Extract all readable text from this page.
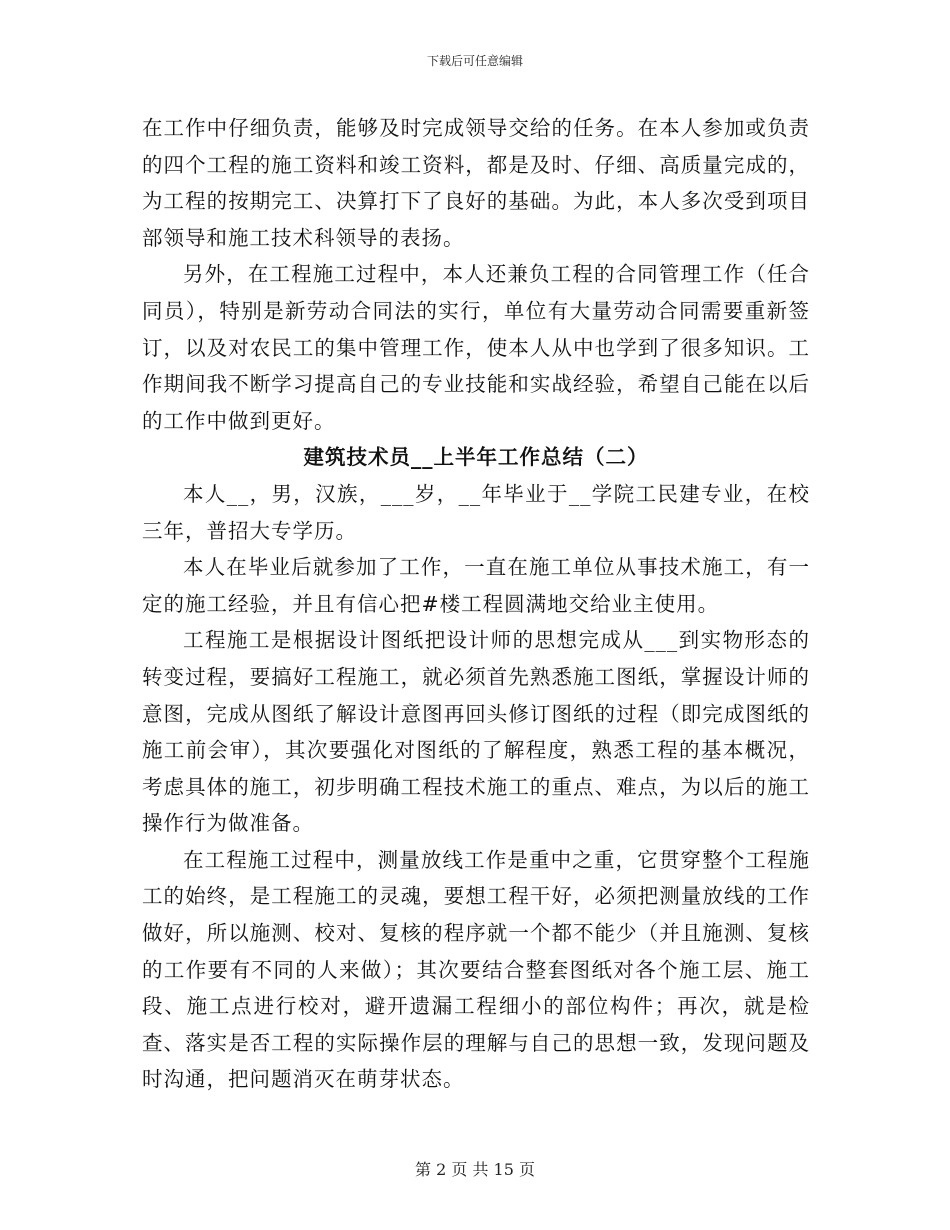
下载后可任意编辑

在工作中仔细负责，能够及时完成领导交给的任务。在本人参加或负责的四个工程的施工资料和竣工资料，都是及时、仔细、高质量完成的，为工程的按期完工、决算打下了良好的基础。为此，本人多次受到项目部领导和施工技术科领导的表扬。

另外，在工程施工过程中，本人还兼负工程的合同管理工作（任合同员），特别是新劳动合同法的实行，单位有大量劳动合同需要重新签订，以及对农民工的集中管理工作，使本人从中也学到了很多知识。工作期间我不断学习提高自己的专业技能和实战经验，希望自己能在以后的工作中做到更好。

建筑技术员__上半年工作总结（二）

本人__，男，汉族，___岁，__年毕业于__学院工民建专业，在校三年，普招大专学历。

本人在毕业后就参加了工作，一直在施工单位从事技术施工，有一定的施工经验，并且有信心把#楼工程圆满地交给业主使用。

工程施工是根据设计图纸把设计师的思想完成从___到实物形态的转变过程，要搞好工程施工，就必须首先熟悉施工图纸，掌握设计师的意图，完成从图纸了解设计意图再回头修订图纸的过程（即完成图纸的施工前会审），其次要强化对图纸的了解程度，熟悉工程的基本概况，考虑具体的施工，初步明确工程技术施工的重点、难点，为以后的施工操作行为做准备。

在工程施工过程中，测量放线工作是重中之重，它贯穿整个工程施工的始终，是工程施工的灵魂，要想工程干好，必须把测量放线的工作做好，所以施测、校对、复核的程序就一个都不能少（并且施测、复核的工作要有不同的人来做）；其次要结合整套图纸对各个施工层、施工段、施工点进行校对，避开遗漏工程细小的部位构件；再次，就是检查、落实是否工程的实际操作层的理解与自己的思想一致，发现问题及时沟通，把问题消灭在萌芽状态。

第 2 页 共 15 页
